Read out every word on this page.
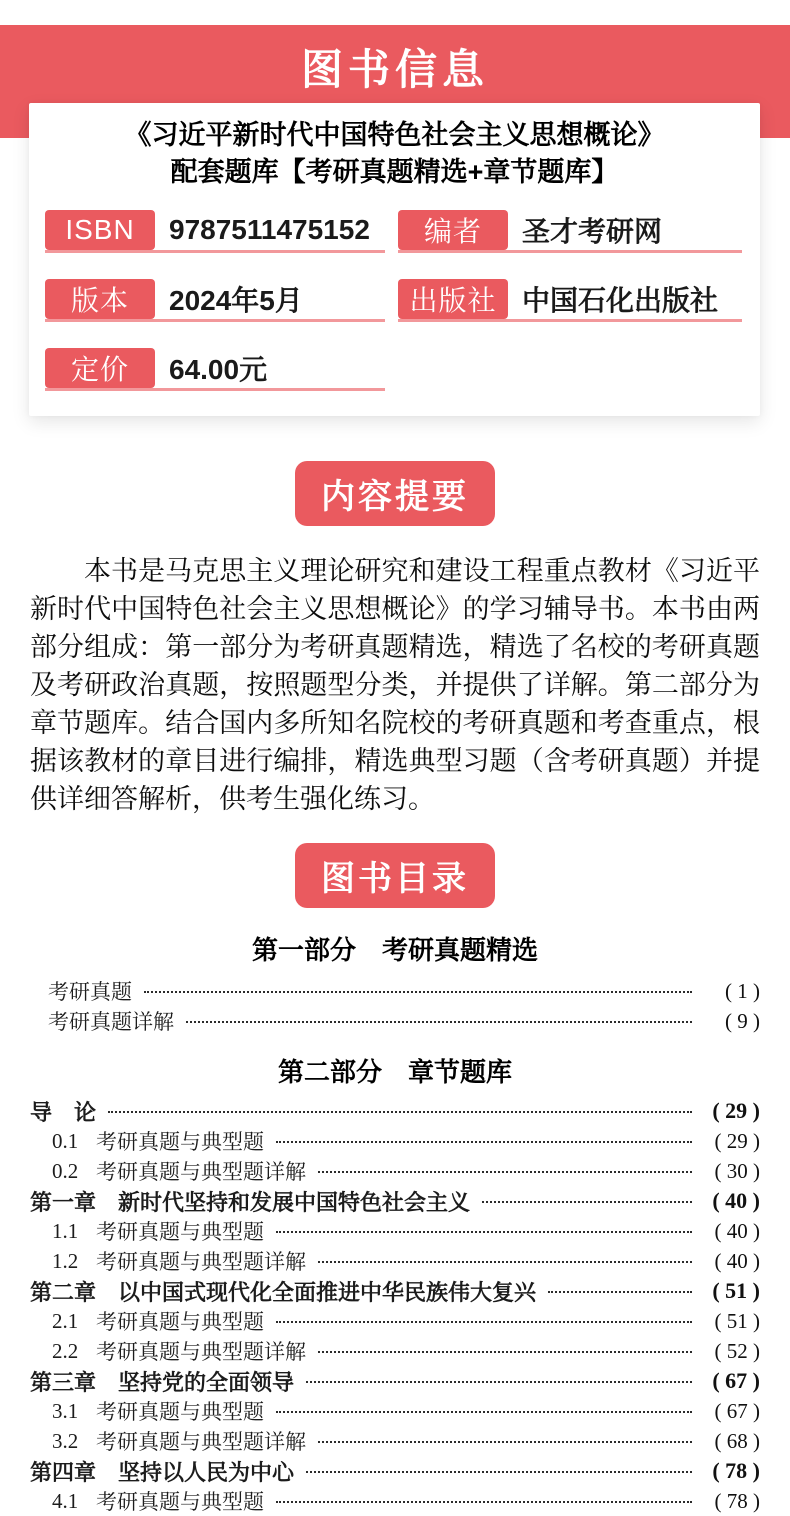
图书信息
《习近平新时代中国特色社会主义思想概论》
配套题库【考研真题精选+章节题库】
ISBN	9787511475152	编者	圣才考研网
版本	2024年5月	出版社 中国石化出版社
定价	64.00元
内容提要

本书是马克思主义理论研究和建设工程重点教材《习近平新时代中国特色社会主义思想概论》的学习辅导书。本书由两部分组成：第一部分为考研真题精选，精选了名校的考研真题及考研政治真题，按照题型分类，并提供了详解。第二部分为章节题库。结合国内多所知名院校的考研真题和考查重点，根据该教材的章目进行编排，精选典型习题（含考研真题）并提供详细答解析，供考生强化练习。

图书目录
第一部分　考研真题精选
考研真题	( 1 )
考研真题详解	( 9 )
第二部分　章节题库
导　论	( 29 )
0.1 考研真题与典型题	( 29 )
0.2 考研真题与典型题详解	( 30 )
第一章　新时代坚持和发展中国特色社会主义	( 40 )
1.1 考研真题与典型题	( 40 )
1.2 考研真题与典型题详解	( 40 )
第二章　以中国式现代化全面推进中华民族伟大复兴	( 51 )
2.1 考研真题与典型题	( 51 )
2.2 考研真题与典型题详解	( 52 )
第三章　坚持党的全面领导	( 67 )
3.1 考研真题与典型题	( 67 )
3.2 考研真题与典型题详解	( 68 )
第四章　坚持以人民为中心	( 78 )
4.1 考研真题与典型题	( 78 )
